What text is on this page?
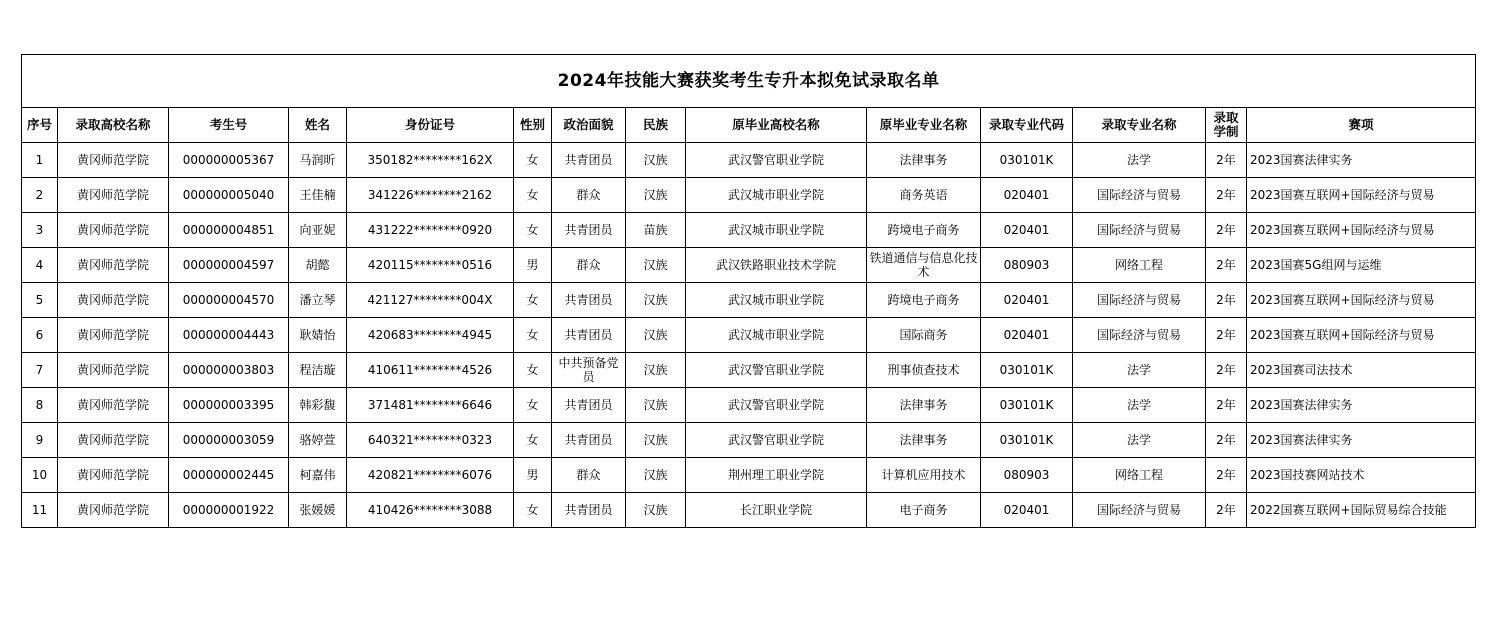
2024年技能大赛获奖考生专升本拟免试录取名单													
序号	录取高校名称	考生号	姓名	身份证号	性别	政治面貌	民族	原毕业高校名称	原毕业专业名称	录取专业代码	录取专业名称	录取学制	赛项
1	黄冈师范学院	000000005367	马润昕	350182********162X	女	共青团员	汉族	武汉警官职业学院	法律事务	030101K	法学	2年	2023国赛法律实务
2	黄冈师范学院	000000005040	王佳楠	341226********2162	女	群众	汉族	武汉城市职业学院	商务英语	020401	国际经济与贸易	2年	2023国赛互联网+国际经济与贸易
3	黄冈师范学院	000000004851	向亚妮	431222********0920	女	共青团员	苗族	武汉城市职业学院	跨境电子商务	020401	国际经济与贸易	2年	2023国赛互联网+国际经济与贸易
4	黄冈师范学院	000000004597	胡懿	420115********0516	男	群众	汉族	武汉铁路职业技术学院	铁道通信与信息化技术	080903	网络工程	2年	2023国赛5G组网与运维
5	黄冈师范学院	000000004570	潘立琴	421127********004X	女	共青团员	汉族	武汉城市职业学院	跨境电子商务	020401	国际经济与贸易	2年	2023国赛互联网+国际经济与贸易
6	黄冈师范学院	000000004443	耿婧怡	420683********4945	女	共青团员	汉族	武汉城市职业学院	国际商务	020401	国际经济与贸易	2年	2023国赛互联网+国际经济与贸易
7	黄冈师范学院	000000003803	程洁璇	410611********4526	女	中共预备党员	汉族	武汉警官职业学院	刑事侦查技术	030101K	法学	2年	2023国赛司法技术
8	黄冈师范学院	000000003395	韩彩馥	371481********6646	女	共青团员	汉族	武汉警官职业学院	法律事务	030101K	法学	2年	2023国赛法律实务
9	黄冈师范学院	000000003059	骆婷萱	640321********0323	女	共青团员	汉族	武汉警官职业学院	法律事务	030101K	法学	2年	2023国赛法律实务
10	黄冈师范学院	000000002445	柯嘉伟	420821********6076	男	群众	汉族	荆州理工职业学院	计算机应用技术	080903	网络工程	2年	2023国技赛网站技术
11	黄冈师范学院	000000001922	张媛媛	410426********3088	女	共青团员	汉族	长江职业学院	电子商务	020401	国际经济与贸易	2年	2022国赛互联网+国际贸易综合技能
